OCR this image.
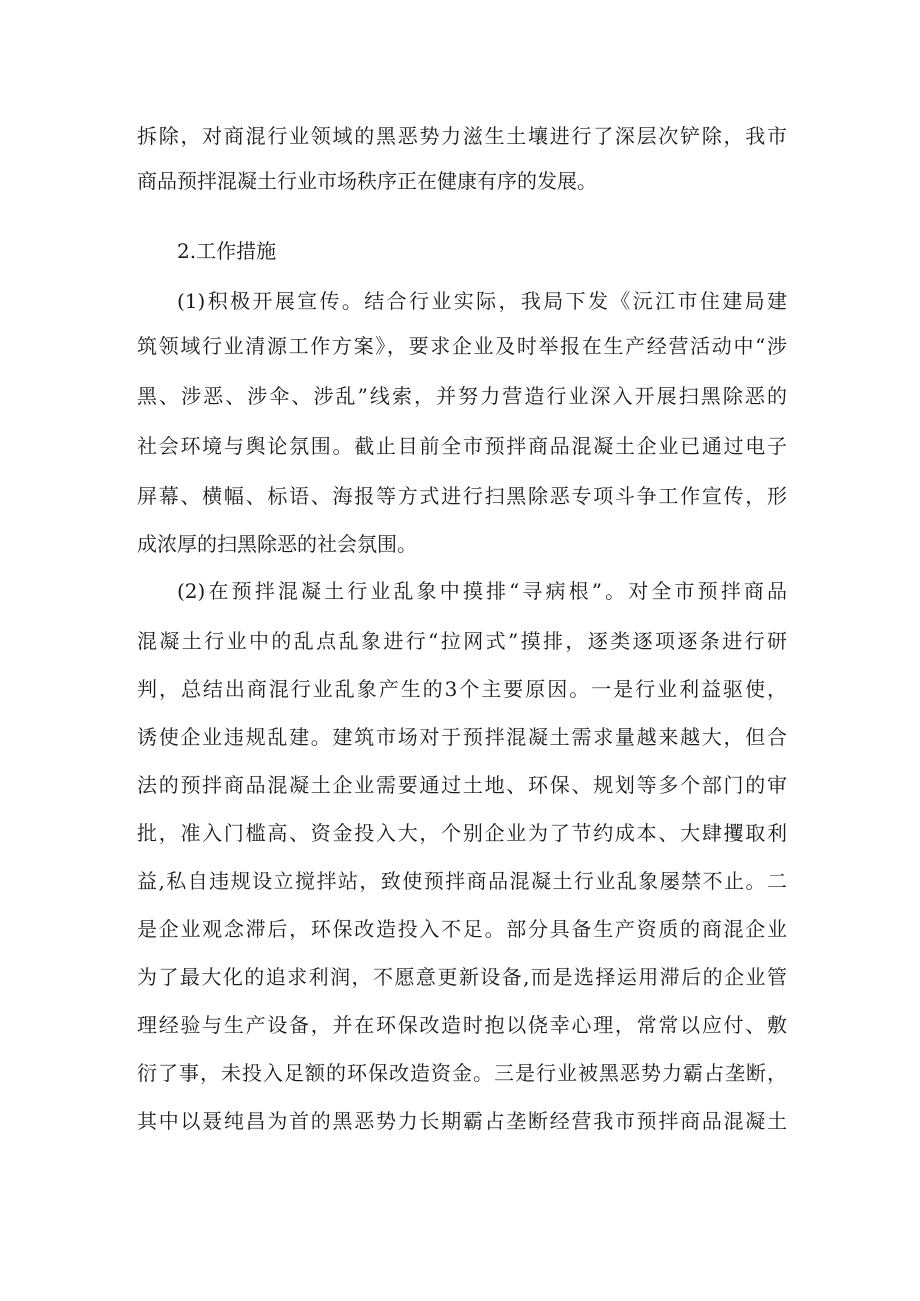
拆除，对商混行业领域的黑恶势力滋生土壤进行了深层次铲除，我市
商品预拌混凝土行业市场秩序正在健康有序的发展。
2.工作措施
(1)积极开展宣传。结合行业实际，我局下发《沅江市住建局建
筑领域行业清源工作方案》，要求企业及时举报在生产经营活动中“涉
黑、涉恶、涉伞、涉乱”线索，并努力营造行业深入开展扫黑除恶的
社会环境与舆论氛围。截止目前全市预拌商品混凝土企业已通过电子
屏幕、横幅、标语、海报等方式进行扫黑除恶专项斗争工作宣传，形
成浓厚的扫黑除恶的社会氛围。
(2)在预拌混凝土行业乱象中摸排“寻病根”。对全市预拌商品
混凝土行业中的乱点乱象进行“拉网式”摸排，逐类逐项逐条进行研
判，总结出商混行业乱象产生的3个主要原因。一是行业利益驱使，
诱使企业违规乱建。建筑市场对于预拌混凝土需求量越来越大，但合
法的预拌商品混凝土企业需要通过土地、环保、规划等多个部门的审
批，准入门槛高、资金投入大，个别企业为了节约成本、大肆攫取利
益,私自违规设立搅拌站，致使预拌商品混凝土行业乱象屡禁不止。二
是企业观念滞后，环保改造投入不足。部分具备生产资质的商混企业
为了最大化的追求利润，不愿意更新设备,而是选择运用滞后的企业管
理经验与生产设备，并在环保改造时抱以侥幸心理，常常以应付、敷
衍了事，未投入足额的环保改造资金。三是行业被黑恶势力霸占垄断，
其中以聂纯昌为首的黑恶势力长期霸占垄断经营我市预拌商品混凝土
